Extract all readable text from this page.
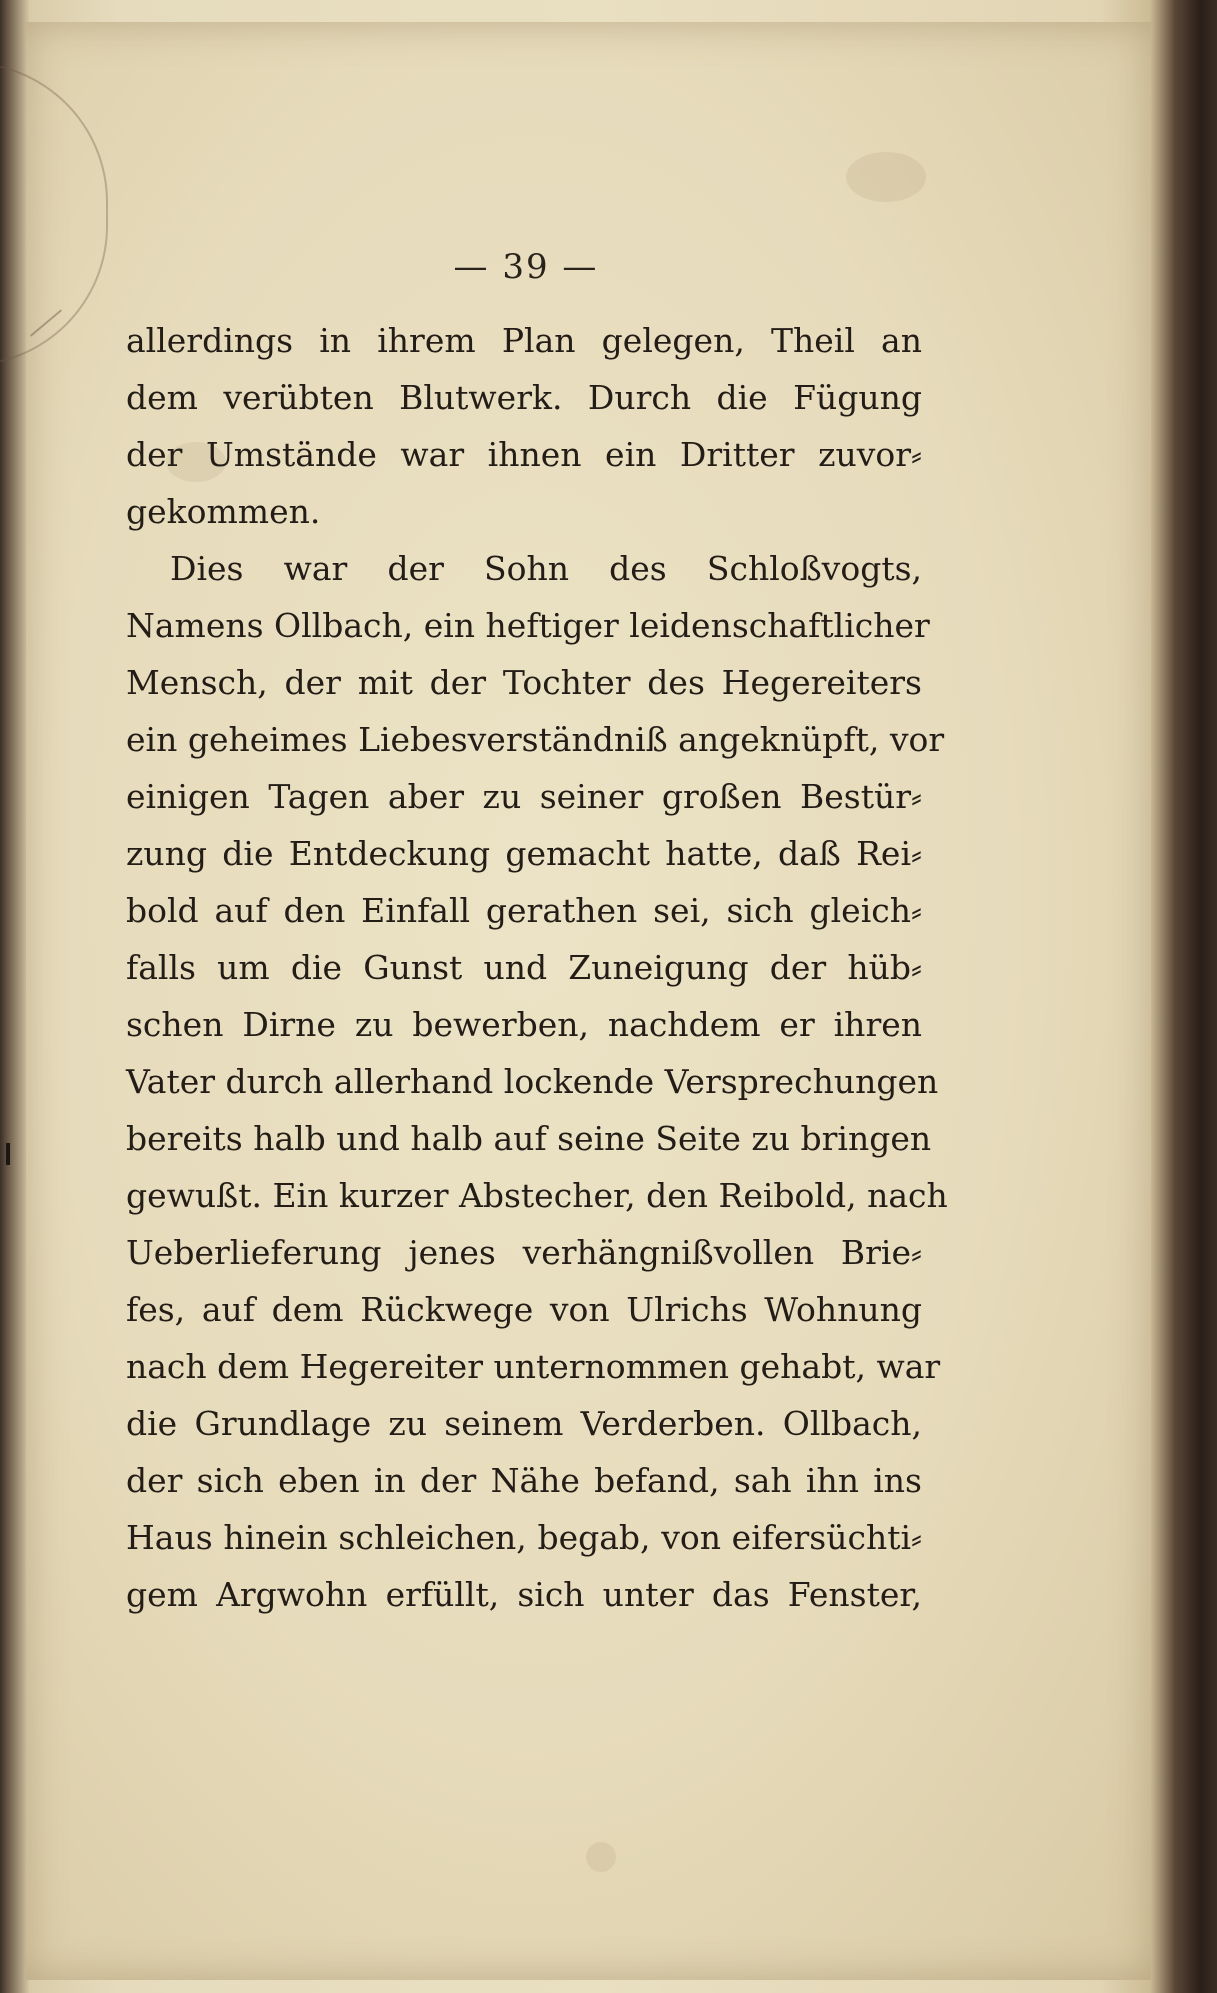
— 39 —
allerdings in ihrem Plan gelegen, Theil an
dem verübten Blutwerk. Durch die Fügung
der Umstände war ihnen ein Dritter zuvor⸗
gekommen.
Dies war der Sohn des Schloßvogts,
Namens Ollbach, ein heftiger leidenschaftlicher
Mensch, der mit der Tochter des Hegereiters
ein geheimes Liebesverständniß angeknüpft, vor
einigen Tagen aber zu seiner großen Bestür⸗
zung die Entdeckung gemacht hatte, daß Rei⸗
bold auf den Einfall gerathen sei, sich gleich⸗
falls um die Gunst und Zuneigung der hüb⸗
schen Dirne zu bewerben, nachdem er ihren
Vater durch allerhand lockende Versprechungen
bereits halb und halb auf seine Seite zu bringen
gewußt. Ein kurzer Abstecher, den Reibold, nach
Ueberlieferung jenes verhängnißvollen Brie⸗
fes, auf dem Rückwege von Ulrichs Wohnung
nach dem Hegereiter unternommen gehabt, war
die Grundlage zu seinem Verderben. Ollbach,
der sich eben in der Nähe befand, sah ihn ins
Haus hinein schleichen, begab, von eifersüchti⸗
gem Argwohn erfüllt, sich unter das Fenster,
